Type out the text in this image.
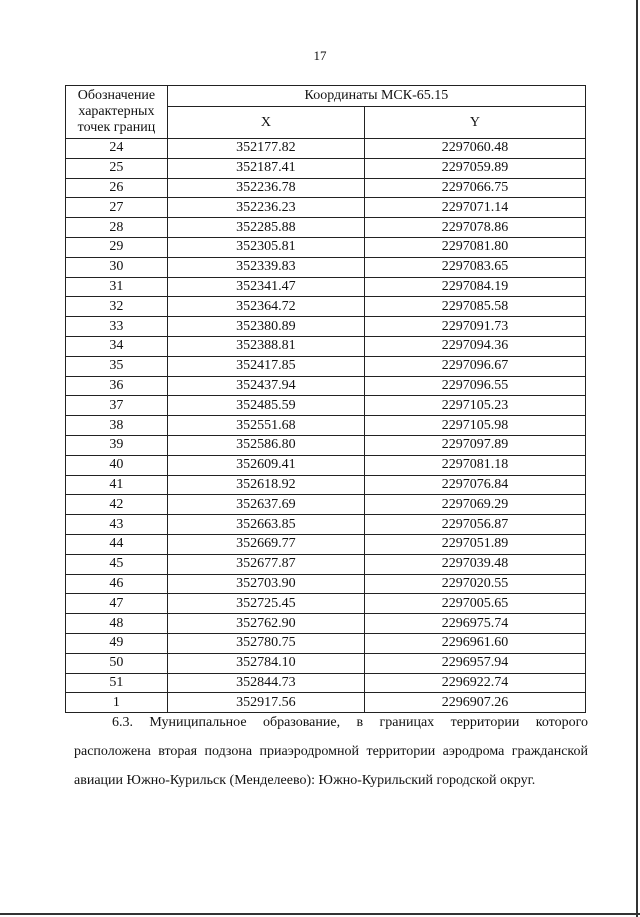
17
Обозначение характерных точек границ	Координаты МСК-65.15	
	X	Y
24	352177.82	2297060.48
25	352187.41	2297059.89
26	352236.78	2297066.75
27	352236.23	2297071.14
28	352285.88	2297078.86
29	352305.81	2297081.80
30	352339.83	2297083.65
31	352341.47	2297084.19
32	352364.72	2297085.58
33	352380.89	2297091.73
34	352388.81	2297094.36
35	352417.85	2297096.67
36	352437.94	2297096.55
37	352485.59	2297105.23
38	352551.68	2297105.98
39	352586.80	2297097.89
40	352609.41	2297081.18
41	352618.92	2297076.84
42	352637.69	2297069.29
43	352663.85	2297056.87
44	352669.77	2297051.89
45	352677.87	2297039.48
46	352703.90	2297020.55
47	352725.45	2297005.65
48	352762.90	2296975.74
49	352780.75	2296961.60
50	352784.10	2296957.94
51	352844.73	2296922.74
1	352917.56	2296907.26

6.3. Муниципальное образование, в границах территории которого расположена вторая подзона приаэродромной территории аэродрома гражданской авиации Южно-Курильск (Менделеево): Южно-Курильский городской округ.
